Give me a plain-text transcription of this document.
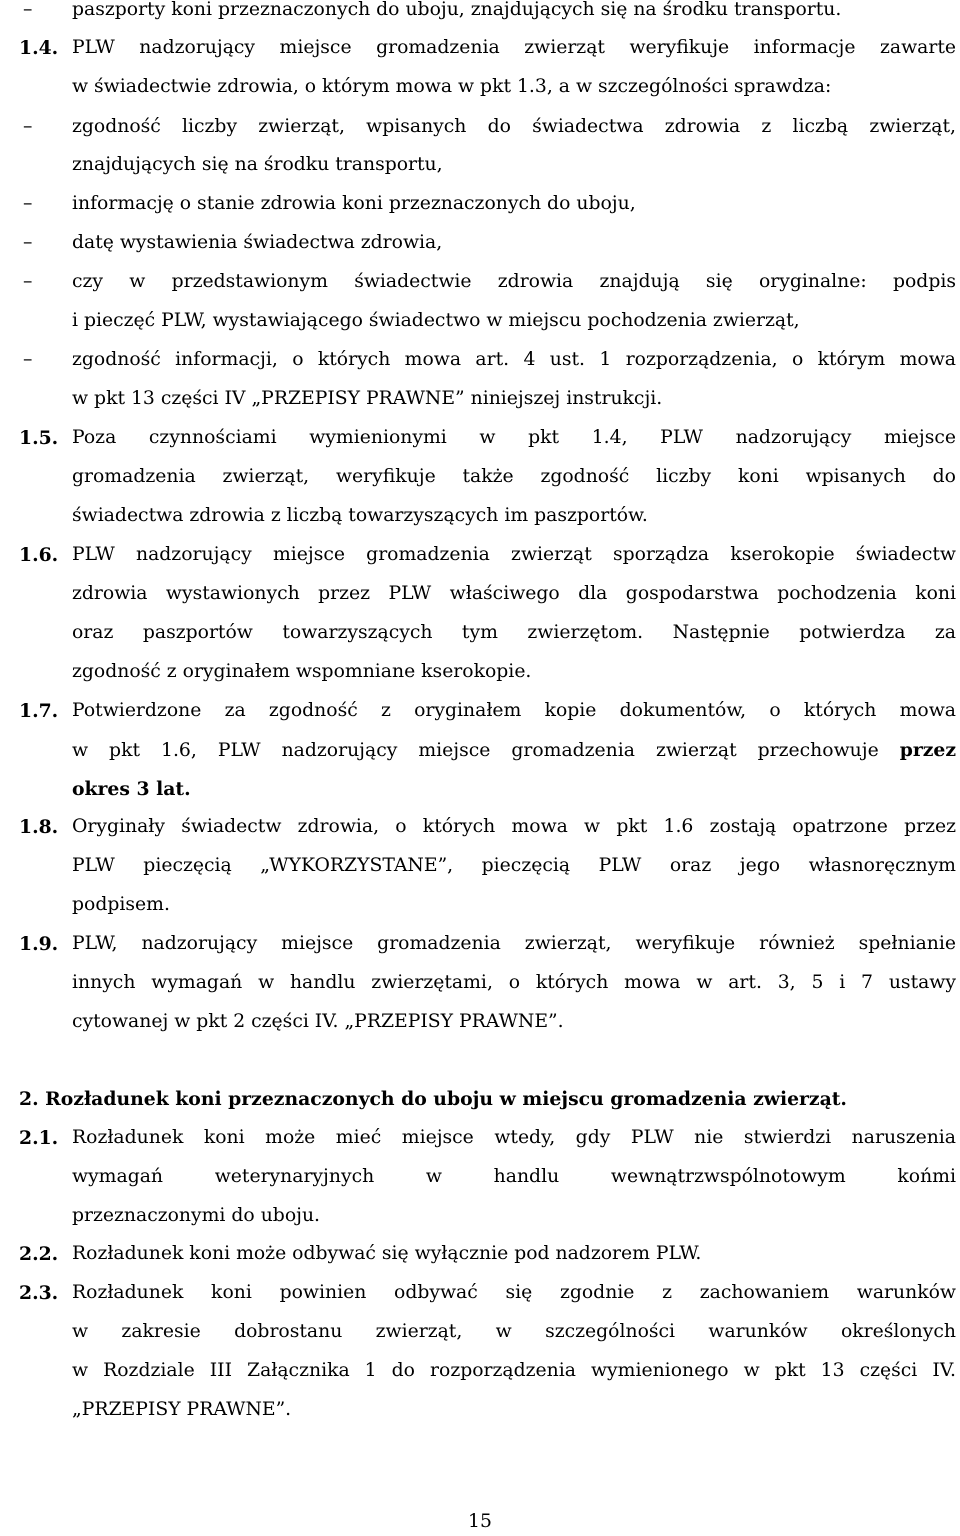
–	paszporty koni przeznaczonych do uboju, znajdujących się na środku transportu.
1.4. PLW nadzorujący miejsce gromadzenia zwierząt weryfikuje informacje zawarte
w świadectwie zdrowia, o którym mowa w pkt 1.3, a w szczególności sprawdza:
–	zgodność liczby zwierząt, wpisanych do świadectwa zdrowia z liczbą zwierząt,
znajdujących się na środku transportu,
–	informację o stanie zdrowia koni przeznaczonych do uboju,
–	datę wystawienia świadectwa zdrowia,
–	czy w przedstawionym świadectwie zdrowia znajdują się oryginalne: podpis
i pieczęć PLW, wystawiającego świadectwo w miejscu pochodzenia zwierząt,
–	zgodność informacji, o których mowa art. 4 ust. 1 rozporządzenia, o którym mowa
w pkt 13 części IV „PRZEPISY PRAWNE” niniejszej instrukcji.
1.5. Poza czynnościami wymienionymi w pkt 1.4, PLW nadzorujący miejsce
gromadzenia zwierząt, weryfikuje także zgodność liczby koni wpisanych do
świadectwa zdrowia z liczbą towarzyszących im paszportów.
1.6. PLW nadzorujący miejsce gromadzenia zwierząt sporządza kserokopie świadectw
zdrowia wystawionych przez PLW właściwego dla gospodarstwa pochodzenia koni
oraz paszportów towarzyszących tym zwierzętom. Następnie potwierdza za
zgodność z oryginałem wspomniane kserokopie.
1.7. Potwierdzone za zgodność z oryginałem kopie dokumentów, o których mowa
w pkt 1.6, PLW nadzorujący miejsce gromadzenia zwierząt przechowuje przez
okres 3 lat.
1.8. Oryginały świadectw zdrowia, o których mowa w pkt 1.6 zostają opatrzone przez
PLW pieczęcią „WYKORZYSTANE”, pieczęcią PLW oraz jego własnoręcznym
podpisem.
1.9. PLW, nadzorujący miejsce gromadzenia zwierząt, weryfikuje również spełnianie
innych wymagań w handlu zwierzętami, o których mowa w art. 3, 5 i 7 ustawy
cytowanej w pkt 2 części IV. „PRZEPISY PRAWNE”.
2. Rozładunek koni przeznaczonych do uboju w miejscu gromadzenia zwierząt.
2.1. Rozładunek koni może mieć miejsce wtedy, gdy PLW nie stwierdzi naruszenia
wymagań weterynaryjnych w handlu wewnątrzwspólnotowym końmi
przeznaczonymi do uboju.
2.2. Rozładunek koni może odbywać się wyłącznie pod nadzorem PLW.
2.3. Rozładunek koni powinien odbywać się zgodnie z zachowaniem warunków
w zakresie dobrostanu zwierząt, w szczególności warunków określonych
w Rozdziale III Załącznika 1 do rozporządzenia wymienionego w pkt 13 części IV.
„PRZEPISY PRAWNE”.
15
